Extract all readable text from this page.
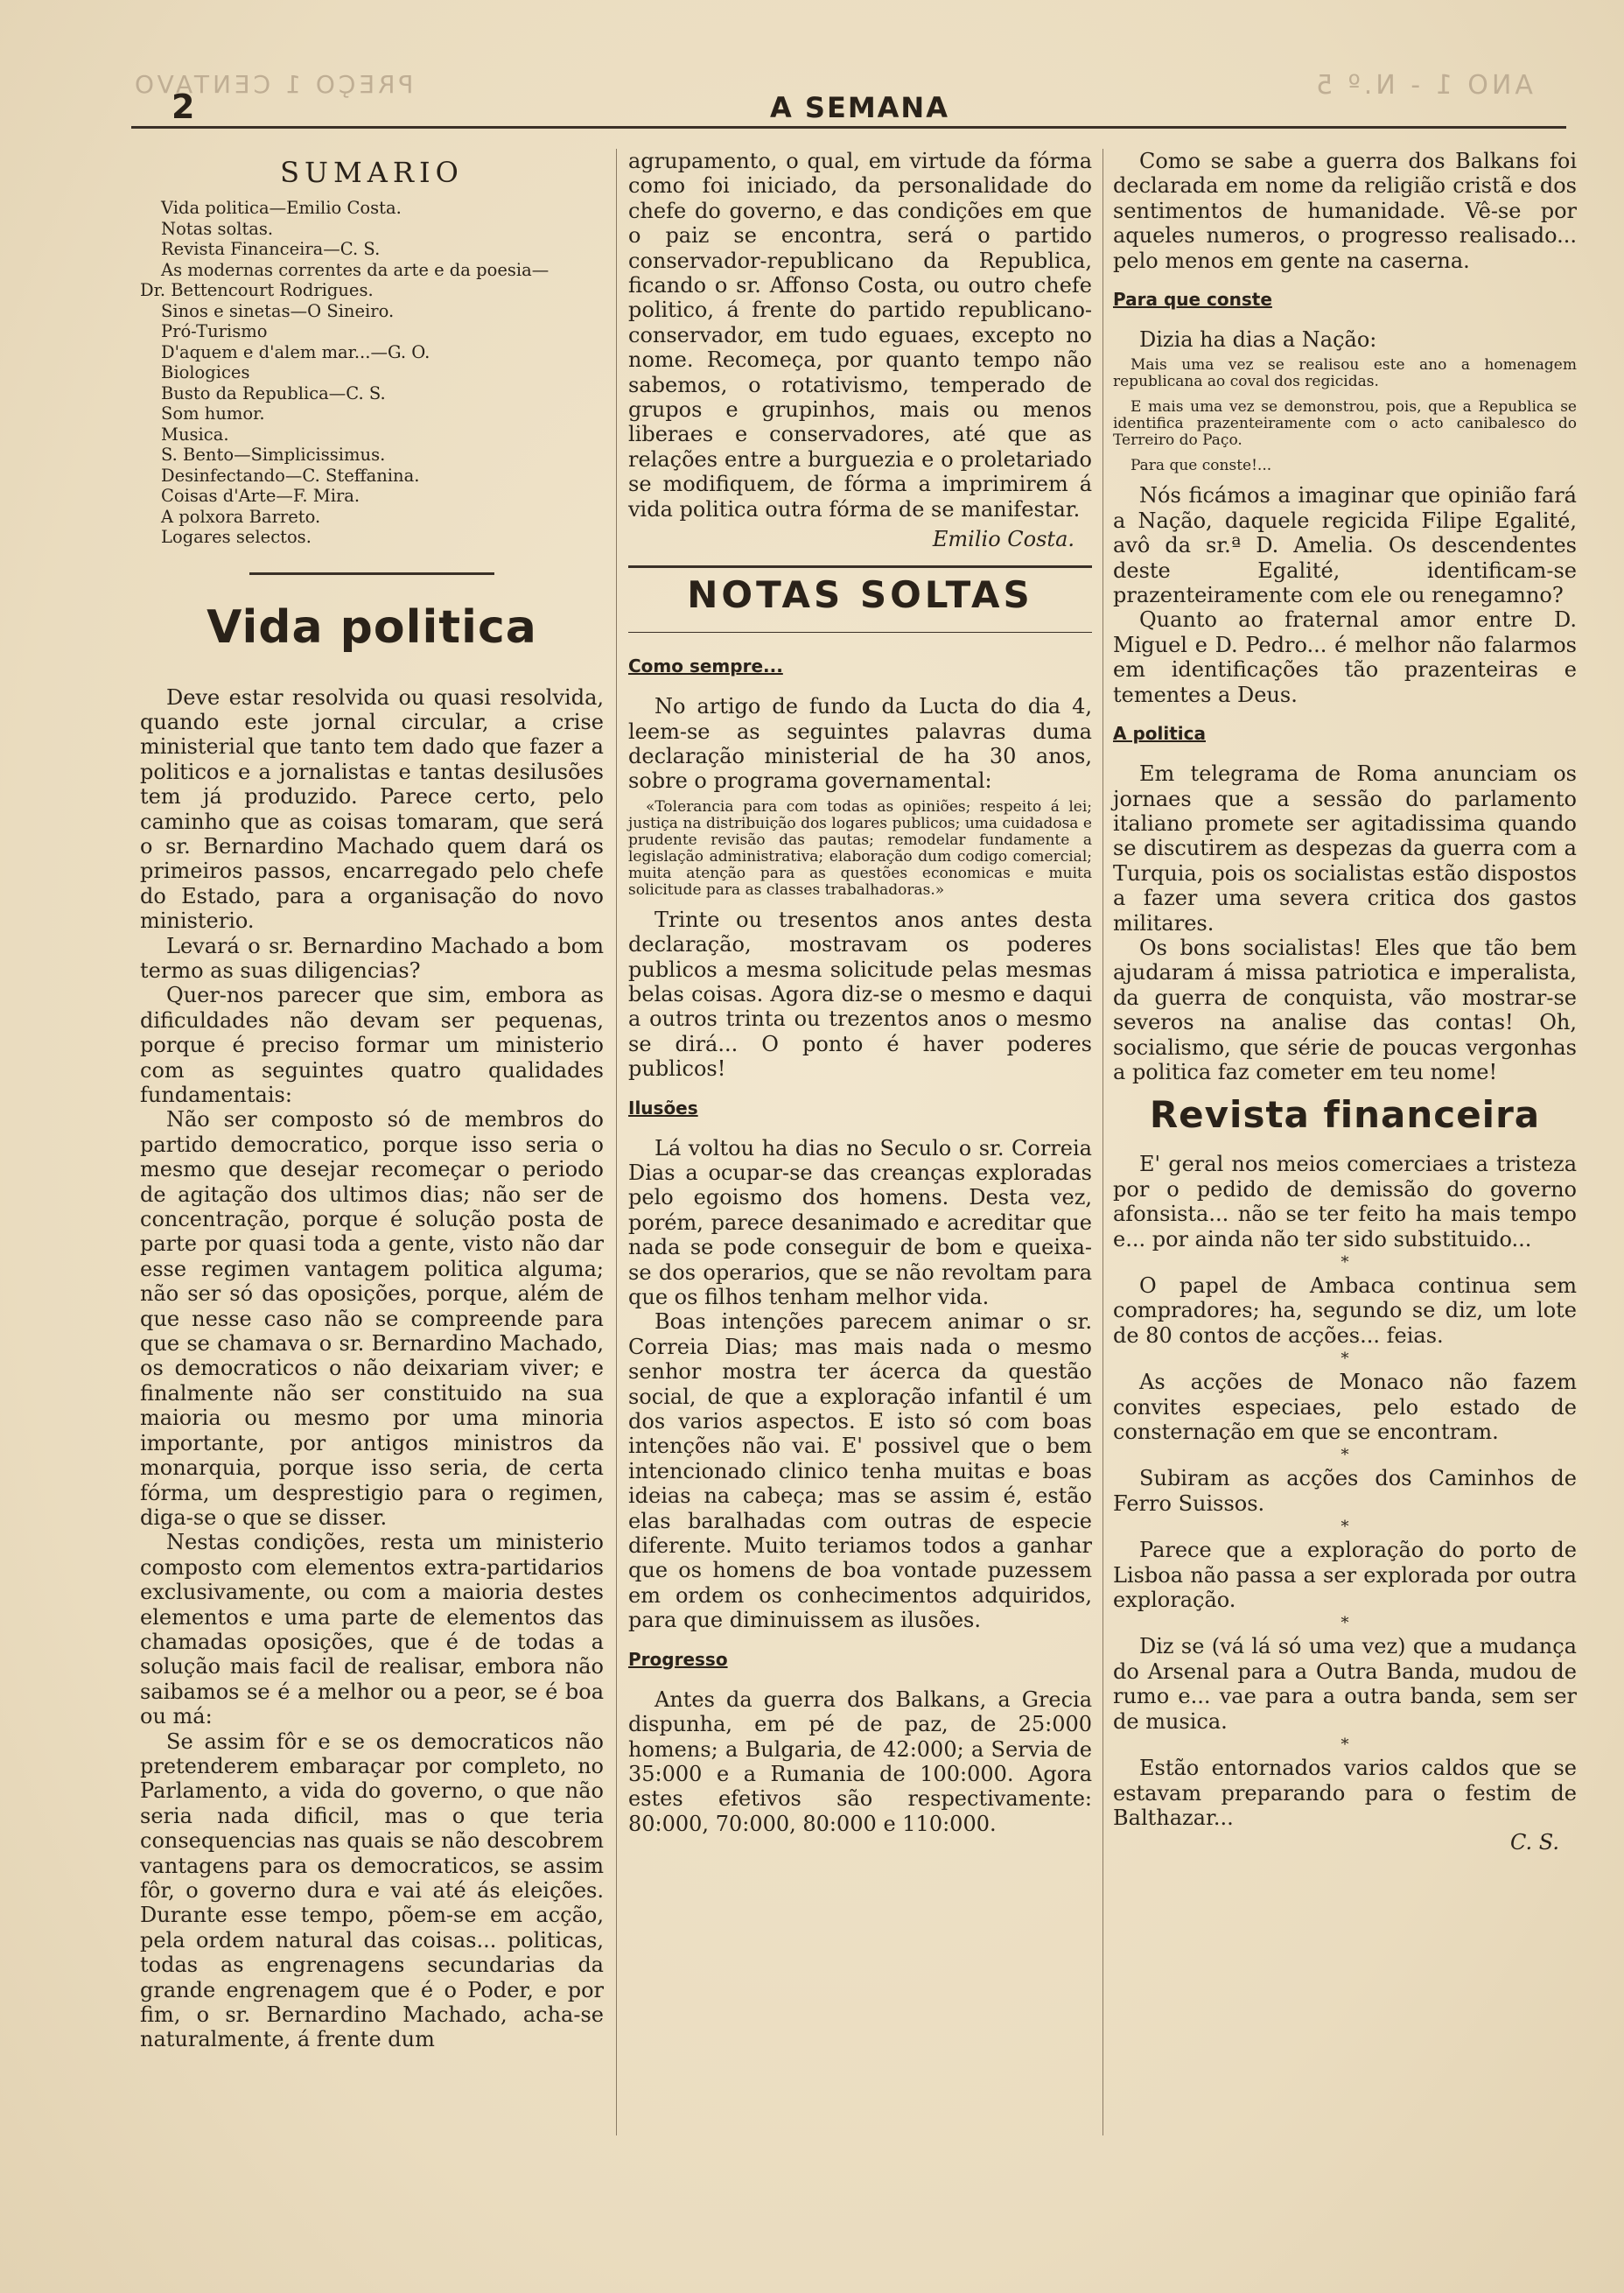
PREÇO 1 CENTAVO	ANO 1 - N.º 5
2	A SEMANA
SUMARIO
Vida politica—Emilio Costa.
Notas soltas.
Revista Financeira—C. S.
As modernas correntes da arte e da poesia—
Dr. Bettencourt Rodrigues.
Sinos e sinetas—O Sineiro.
Pró-Turismo
D'aquem e d'alem mar...—G. O.
Biologices
Busto da Republica—C. S.
Som humor.
Musica.
S. Bento—Simplicissimus.
Desinfectando—C. Steffanina.
Coisas d'Arte—F. Mira.
A polxora Barreto.
Logares selectos.
Vida politica

Deve estar resolvida ou quasi resolvida, quando este jornal circular, a crise ministerial que tanto tem dado que fazer a politicos e a jornalistas e tantas desilusões tem já produzido. Parece certo, pelo caminho que as coisas tomaram, que será o sr. Bernardino Machado quem dará os primeiros passos, encarregado pelo chefe do Estado, para a organisação do novo ministerio.

Levará o sr. Bernardino Machado a bom termo as suas diligencias?

Quer-nos parecer que sim, embora as dificuldades não devam ser pequenas, porque é preciso formar um ministerio com as seguintes quatro qualidades fundamentais:

Não ser composto só de membros do partido democratico, porque isso seria o mesmo que desejar recomeçar o periodo de agitação dos ultimos dias; não ser de concentração, porque é solução posta de parte por quasi toda a gente, visto não dar esse regimen vantagem politica alguma; não ser só das oposições, porque, além de que nesse caso não se compreende para que se chamava o sr. Bernardino Machado, os democraticos o não deixariam viver; e finalmente não ser constituido na sua maioria ou mesmo por uma minoria importante, por antigos ministros da monarquia, porque isso seria, de certa fórma, um desprestigio para o regimen, diga-se o que se disser.

Nestas condições, resta um ministerio composto com elementos extra-partidarios exclusivamente, ou com a maioria destes elementos e uma parte de elementos das chamadas oposições, que é de todas a solução mais facil de realisar, embora não saibamos se é a melhor ou a peor, se é boa ou má:

Se assim fôr e se os democraticos não pretenderem embaraçar por completo, no Parlamento, a vida do governo, o que não seria nada dificil, mas o que teria consequencias nas quais se não descobrem vantagens para os democraticos, se assim fôr, o governo dura e vai até ás eleições. Durante esse tempo, põem-se em acção, pela ordem natural das coisas... politicas, todas as engrenagens secundarias da grande engrenagem que é o Poder, e por fim, o sr. Bernardino Machado, acha-se naturalmente, á frente dum

agrupamento, o qual, em virtude da fórma como foi iniciado, da personalidade do chefe do governo, e das condições em que o paiz se encontra, será o partido conservador-republicano da Republica, ficando o sr. Affonso Costa, ou outro chefe politico, á frente do partido republicano-conservador, em tudo eguaes, excepto no nome. Recomeça, por quanto tempo não sabemos, o rotativismo, temperado de grupos e grupinhos, mais ou menos liberaes e conservadores, até que as relações entre a burguezia e o proletariado se modifiquem, de fórma a imprimirem á vida politica outra fórma de se manifestar.

Emilio Costa.
NOTAS SOLTAS
Como sempre...

No artigo de fundo da Lucta do dia 4, leem-se as seguintes palavras duma declaração ministerial de ha 30 anos, sobre o programa governamental:

«Tolerancia para com todas as opiniões; respeito á lei; justiça na distribuição dos logares publicos; uma cuidadosa e prudente revisão das pautas; remodelar fundamente a legislação administrativa; elaboração dum codigo comercial; muita atenção para as questões economicas e muita solicitude para as classes trabalhadoras.»

Trinte ou tresentos anos antes desta declaração, mostravam os poderes publicos a mesma solicitude pelas mesmas belas coisas. Agora diz-se o mesmo e daqui a outros trinta ou trezentos anos o mesmo se dirá... O ponto é haver poderes publicos!

Ilusões

Lá voltou ha dias no Seculo o sr. Correia Dias a ocupar-se das creanças exploradas pelo egoismo dos homens. Desta vez, porém, parece desanimado e acreditar que nada se pode conseguir de bom e queixa-se dos operarios, que se não revoltam para que os filhos tenham melhor vida.

Boas intenções parecem animar o sr. Correia Dias; mas mais nada o mesmo senhor mostra ter ácerca da questão social, de que a exploração infantil é um dos varios aspectos. E isto só com boas intenções não vai. E' possivel que o bem intencionado clinico tenha muitas e boas ideias na cabeça; mas se assim é, estão elas baralhadas com outras de especie diferente. Muito teriamos todos a ganhar que os homens de boa vontade puzessem em ordem os conhecimentos adquiridos, para que diminuissem as ilusões.

Progresso

Antes da guerra dos Balkans, a Grecia dispunha, em pé de paz, de 25:000 homens; a Bulgaria, de 42:000; a Servia de 35:000 e a Rumania de 100:000. Agora estes efetivos são respectivamente: 80:000, 70:000, 80:000 e 110:000.

Como se sabe a guerra dos Balkans foi declarada em nome da religião cristã e dos sentimentos de humanidade. Vê-se por aqueles numeros, o progresso realisado... pelo menos em gente na caserna.

Para que conste

Dizia ha dias a Nação:

Mais uma vez se realisou este ano a homenagem republicana ao coval dos regicidas.

E mais uma vez se demonstrou, pois, que a Republica se identifica prazenteiramente com o acto canibalesco do Terreiro do Paço.

Para que conste!...

Nós ficámos a imaginar que opinião fará a Nação, daquele regicida Filipe Egalité, avô da sr.ª D. Amelia. Os descendentes deste Egalité, identificam-se prazenteiramente com ele ou renegamno?

Quanto ao fraternal amor entre D. Miguel e D. Pedro... é melhor não falarmos em identificações tão prazenteiras e tementes a Deus.

A politica

Em telegrama de Roma anunciam os jornaes que a sessão do parlamento italiano promete ser agitadissima quando se discutirem as despezas da guerra com a Turquia, pois os socialistas estão dispostos a fazer uma severa critica dos gastos militares.

Os bons socialistas! Eles que tão bem ajudaram á missa patriotica e imperalista, da guerra de conquista, vão mostrar-se severos na analise das contas! Oh, socialismo, que série de poucas vergonhas a politica faz cometer em teu nome!

Revista financeira

E' geral nos meios comerciaes a tristeza por o pedido de demissão do governo afonsista... não se ter feito ha mais tempo e... por ainda não ter sido substituido...

*

O papel de Ambaca continua sem compradores; ha, segundo se diz, um lote de 80 contos de acções... feias.

*

As acções de Monaco não fazem convites especiaes, pelo estado de consternação em que se encontram.

*

Subiram as acções dos Caminhos de Ferro Suissos.

*

Parece que a exploração do porto de Lisboa não passa a ser explorada por outra exploração.

*

Diz se (vá lá só uma vez) que a mudança do Arsenal para a Outra Banda, mudou de rumo e... vae para a outra banda, sem ser de musica.

*

Estão entornados varios caldos que se estavam preparando para o festim de Balthazar...

C. S.
